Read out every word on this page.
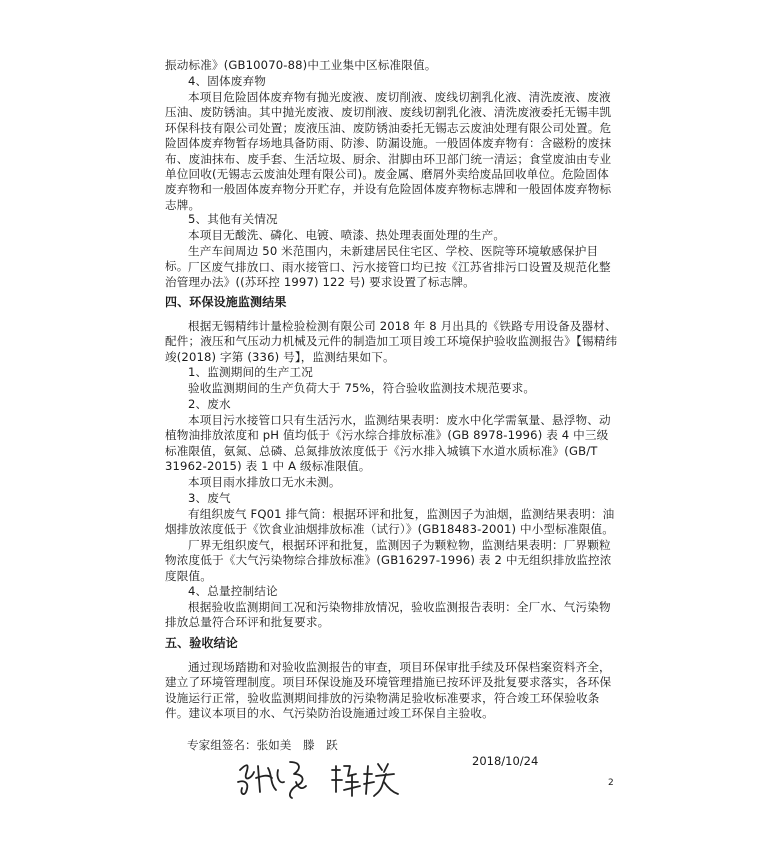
振动标准》(GB10070-88)中工业集中区标准限值。
4、固体废弃物
本项目危险固体废弃物有抛光废液、废切削液、废线切割乳化液、清洗废液、废液压油、废防锈油。其中抛光废液、废切削液、废线切割乳化液、清洗废液委托无锡丰凯环保科技有限公司处置；废液压油、废防锈油委托无锡志云废油处理有限公司处置。危险固体废弃物暂存场地具备防雨、防渗、防漏设施。一般固体废弃物有：含磁粉的废抹布、废油抹布、废手套、生活垃圾、厨余、泔脚由环卫部门统一清运；食堂废油由专业单位回收(无锡志云废油处理有限公司)。废金属、磨屑外卖给废品回收单位。危险固体废弃物和一般固体废弃物分开贮存，并设有危险固体废弃物标志牌和一般固体废弃物标志牌。
5、其他有关情况
本项目无酸洗、磷化、电镀、喷漆、热处理表面处理的生产。
生产车间周边 50 米范围内，未新建居民住宅区、学校、医院等环境敏感保护目标。 厂区废气排放口、雨水接管口、污水接管口均已按《江苏省排污口设置及规范化整治管理办法》((苏环控 1997) 122 号) 要求设置了标志牌。
四、环保设施监测结果
根据无锡精纬计量检验检测有限公司 2018 年 8 月出具的《铁路专用设备及器材、配件；液压和气压动力机械及元件的制造加工项目竣工环境保护验收监测报告》【锡精纬竣(2018) 字第 (336) 号】，监测结果如下。
1、监测期间的生产工况
验收监测期间的生产负荷大于 75%，符合验收监测技术规范要求。
2、废水
本项目污水接管口只有生活污水，监测结果表明：废水中化学需氧量、悬浮物、动植物油排放浓度和 pH 值均低于《污水综合排放标准》(GB 8978-1996) 表 4 中三级标准限值，氨氮、总磷、总氮排放浓度低于《污水排入城镇下水道水质标准》(GB/T 31962-2015) 表 1 中 A 级标准限值。
本项目雨水排放口无水未测。
3、废气
有组织废气 FQ01 排气筒：根据环评和批复，监测因子为油烟，监测结果表明：油烟排放浓度低于《饮食业油烟排放标准（试行）》(GB18483-2001) 中小型标准限值。
厂界无组织废气，根据环评和批复，监测因子为颗粒物，监测结果表明：厂界颗粒物浓度低于《大气污染物综合排放标准》(GB16297-1996) 表 2 中无组织排放监控浓度限值。
4、总量控制结论
根据验收监测期间工况和污染物排放情况，验收监测报告表明：全厂水、气污染物排放总量符合环评和批复要求。
五、验收结论
通过现场踏勘和对验收监测报告的审查，项目环保审批手续及环保档案资料齐全，建立了环境管理制度。项目环保设施及环境管理措施已按环评及批复要求落实，各环保设施运行正常，验收监测期间排放的污染物满足验收标准要求，符合竣工环保验收条件。建议本项目的水、气污染防治设施通过竣工环保自主验收。
专家组签名：张如美　滕　跃
2018/10/24
2
